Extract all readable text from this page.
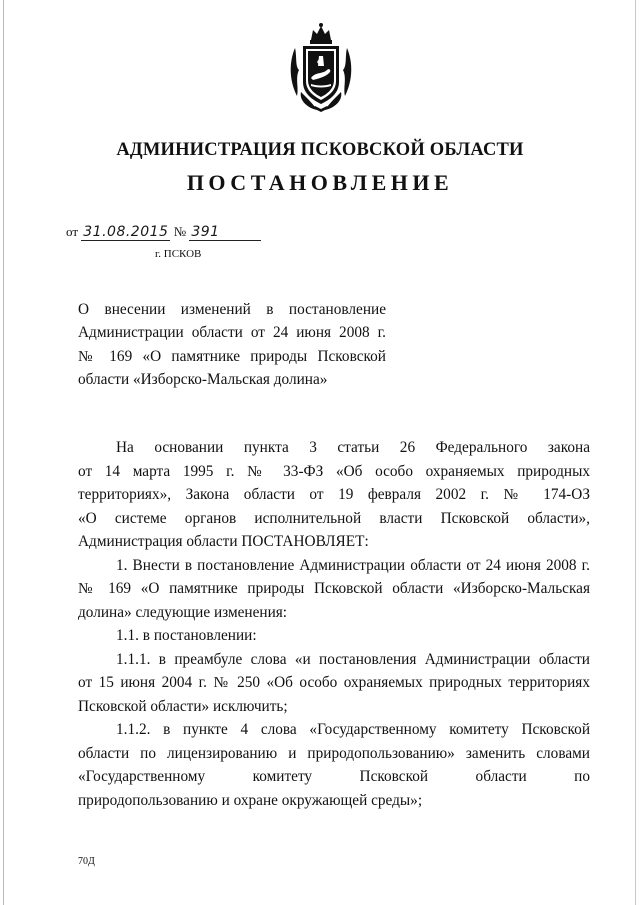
АДМИНИСТРАЦИЯ ПСКОВСКОЙ ОБЛАСТИ
ПОСТАНОВЛЕНИЕ
от 31.08.2015 № 391
г. ПСКОВ

О внесении изменений в постановление

Администрации области от 24 июня 2008 г.

№ 169 «О памятнике природы Псковской

области «Изборско-Мальская долина»

На основании пункта 3 статьи 26 Федерального закона

от 14 марта 1995 г. № 33-ФЗ «Об особо охраняемых природных

территориях», Закона области от 19 февраля 2002 г. № 174-ОЗ

«О системе органов исполнительной власти Псковской области»,

Администрация области ПОСТАНОВЛЯЕТ:

1. Внести в постановление Администрации области от 24 июня 2008 г.

№ 169 «О памятнике природы Псковской области «Изборско-Мальская

долина» следующие изменения:

1.1. в постановлении:

1.1.1. в преамбуле слова «и постановления Администрации области

от 15 июня 2004 г. № 250 «Об особо охраняемых природных территориях

Псковской области» исключить;

1.1.2. в пункте 4 слова «Государственному комитету Псковской

области по лицензированию и природопользованию» заменить словами

«Государственному комитету Псковской области по

природопользованию и охране окружающей среды»;

70Д
